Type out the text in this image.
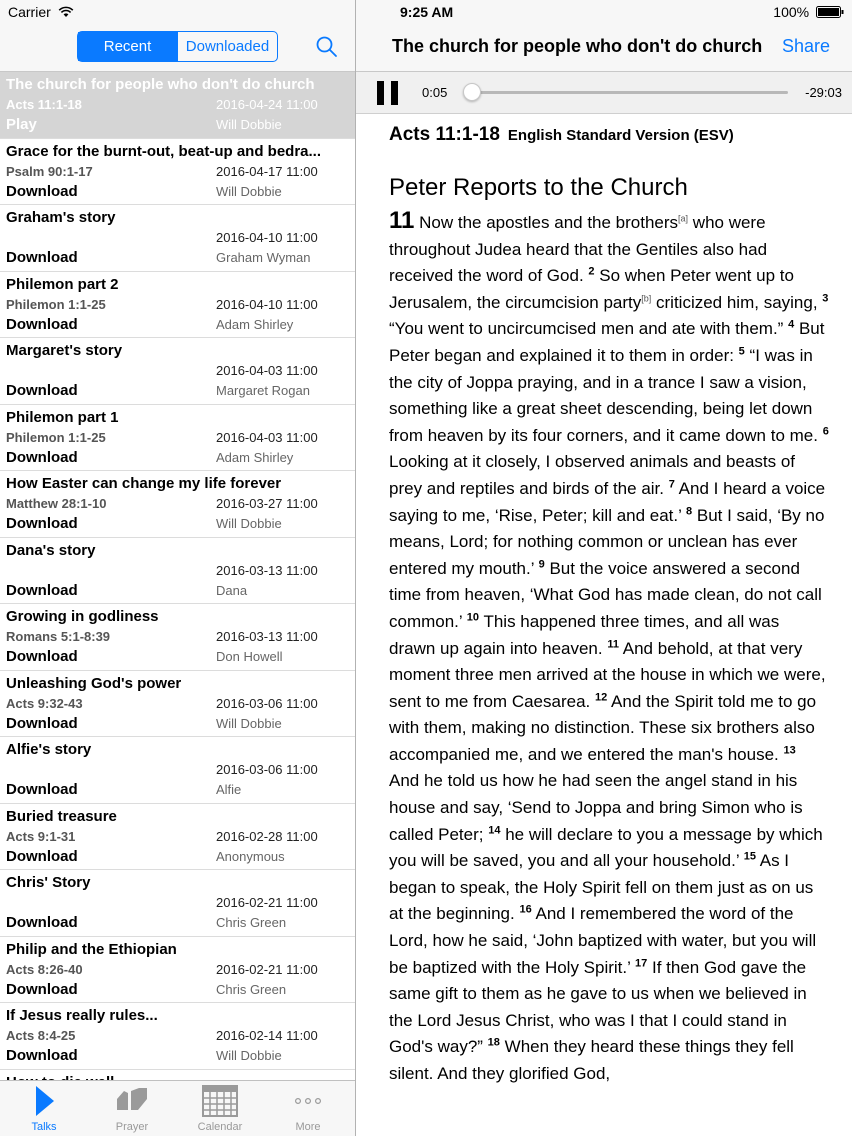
Carrier
Recent	Downloaded
The church for people who don't do church
Acts 11:1-18	2016-04-24 11:00
Play	Will Dobbie
Grace for the burnt-out, beat-up and bedra...
Psalm 90:1-17	2016-04-17 11:00
Download	Will Dobbie
Graham's story
2016-04-10 11:00
Download	Graham Wyman
Philemon part 2
Philemon 1:1-25	2016-04-10 11:00
Download	Adam Shirley
Margaret's story
2016-04-03 11:00
Download	Margaret Rogan
Philemon part 1
Philemon 1:1-25	2016-04-03 11:00
Download	Adam Shirley
How Easter can change my life forever
Matthew 28:1-10	2016-03-27 11:00
Download	Will Dobbie
Dana's story
2016-03-13 11:00
Download	Dana
Growing in godliness
Romans 5:1-8:39	2016-03-13 11:00
Download	Don Howell
Unleashing God's power
Acts 9:32-43	2016-03-06 11:00
Download	Will Dobbie
Alfie's story
2016-03-06 11:00
Download	Alfie
Buried treasure
Acts 9:1-31	2016-02-28 11:00
Download	Anonymous
Chris' Story
2016-02-21 11:00
Download	Chris Green
Philip and the Ethiopian
Acts 8:26-40	2016-02-21 11:00
Download	Chris Green
If Jesus really rules...
Acts 8:4-25	2016-02-14 11:00
Download	Will Dobbie
Talks	Prayer	Calendar	More
9:25 AM	100%
The church for people who don't do church Share
0:05	-29:03
Acts 11:1-18 English Standard Version (ESV)
Peter Reports to the Church
11 Now the apostles and the brothers[a] who were throughout Judea heard that the Gentiles also had received the word of God. $^2$ So when Peter went up to Jerusalem, the circumcision party[b] criticized him, saying, $^3$ “You went to uncircumcised men and ate with them.” $^4$ But Peter began and explained it to them in order: $^5$ “I was in the city of Joppa praying, and in a trance I saw a vision, something like a great sheet descending, being let down from heaven by its four corners, and it came down to me. $^6$ Looking at it closely, I observed animals and beasts of prey and reptiles and birds of the air. $^7$ And I heard a voice saying to me, ‘Rise, Peter; kill and eat.’ $^8$ But I said, ‘By no means, Lord; for nothing common or unclean has ever entered my mouth.’ $^9$ But the voice answered a second time from heaven, ‘What God has made clean, do not call common.’ $^{10}$ This happened three times, and all was drawn up again into heaven. $^{11}$ And behold, at that very moment three men arrived at the house in which we were, sent to me from Caesarea. $^{12}$ And the Spirit told me to go with them, making no distinction. These six brothers also accompanied me, and we entered the man's house. $^{13}$ And he told us how he had seen the angel stand in his house and say, ‘Send to Joppa and bring Simon who is called Peter; $^{14}$ he will declare to you a message by which you will be saved, you and all your household.’ $^{15}$ As I began to speak, the Holy Spirit fell on them just as on us at the beginning. $^{16}$ And I remembered the word of the Lord, how he said, ‘John baptized with water, but you will be baptized with the Holy Spirit.’ $^{17}$ If then God gave the same gift to them as he gave to us when we believed in the Lord Jesus Christ, who was I that I could stand in God's way?” $^{18}$ When they heard these things they fell silent. And they glorified God,
